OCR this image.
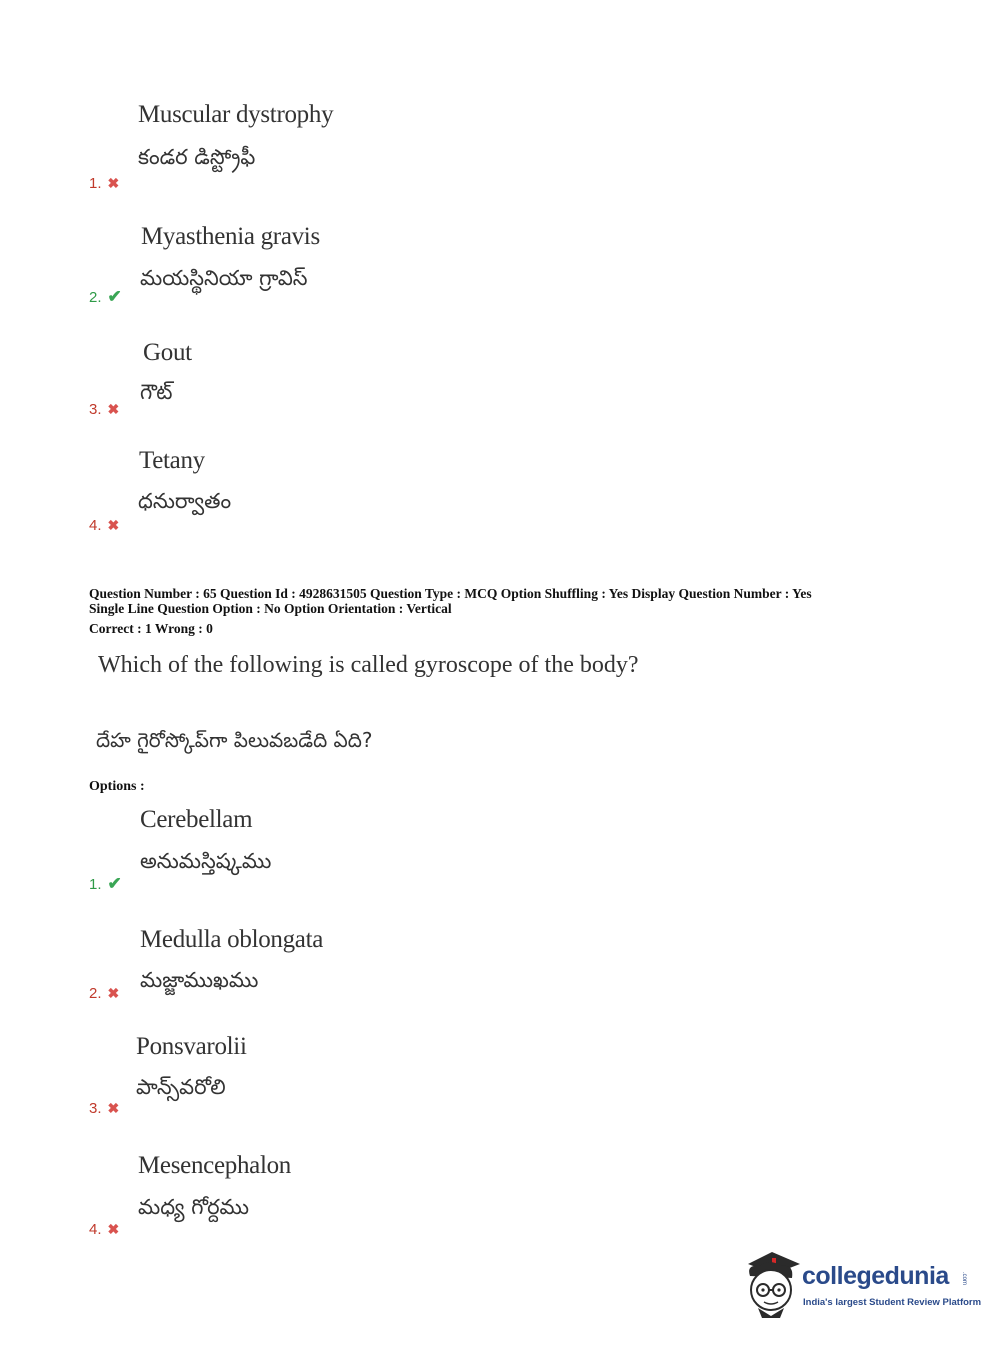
Muscular dystrophy
కండర డిస్ట్రోఫీ
1. ✖
Myasthenia gravis
మయస్థినియా గ్రావిస్
2. ✔
Gout
గౌట్
3. ✖
Tetany
ధనుర్వాతం
4. ✖
Question Number : 65 Question Id : 4928631505 Question Type : MCQ Option Shuffling : Yes Display Question Number : Yes
Single Line Question Option : No Option Orientation : Vertical
Correct : 1 Wrong : 0
Which of the following is called gyroscope of the body?
దేహ గైరోస్కోప్‌గా పిలువబడేది ఏది?
Options :
Cerebellam
అనుమస్తిష్కము
1. ✔
Medulla oblongata
మజ్జాముఖము
2. ✖
Ponsvarolii
పాన్స్‌వరోలి
3. ✖
Mesencephalon
మధ్య గోర్దము
4. ✖
collegedunia .com
India's largest Student Review Platform
